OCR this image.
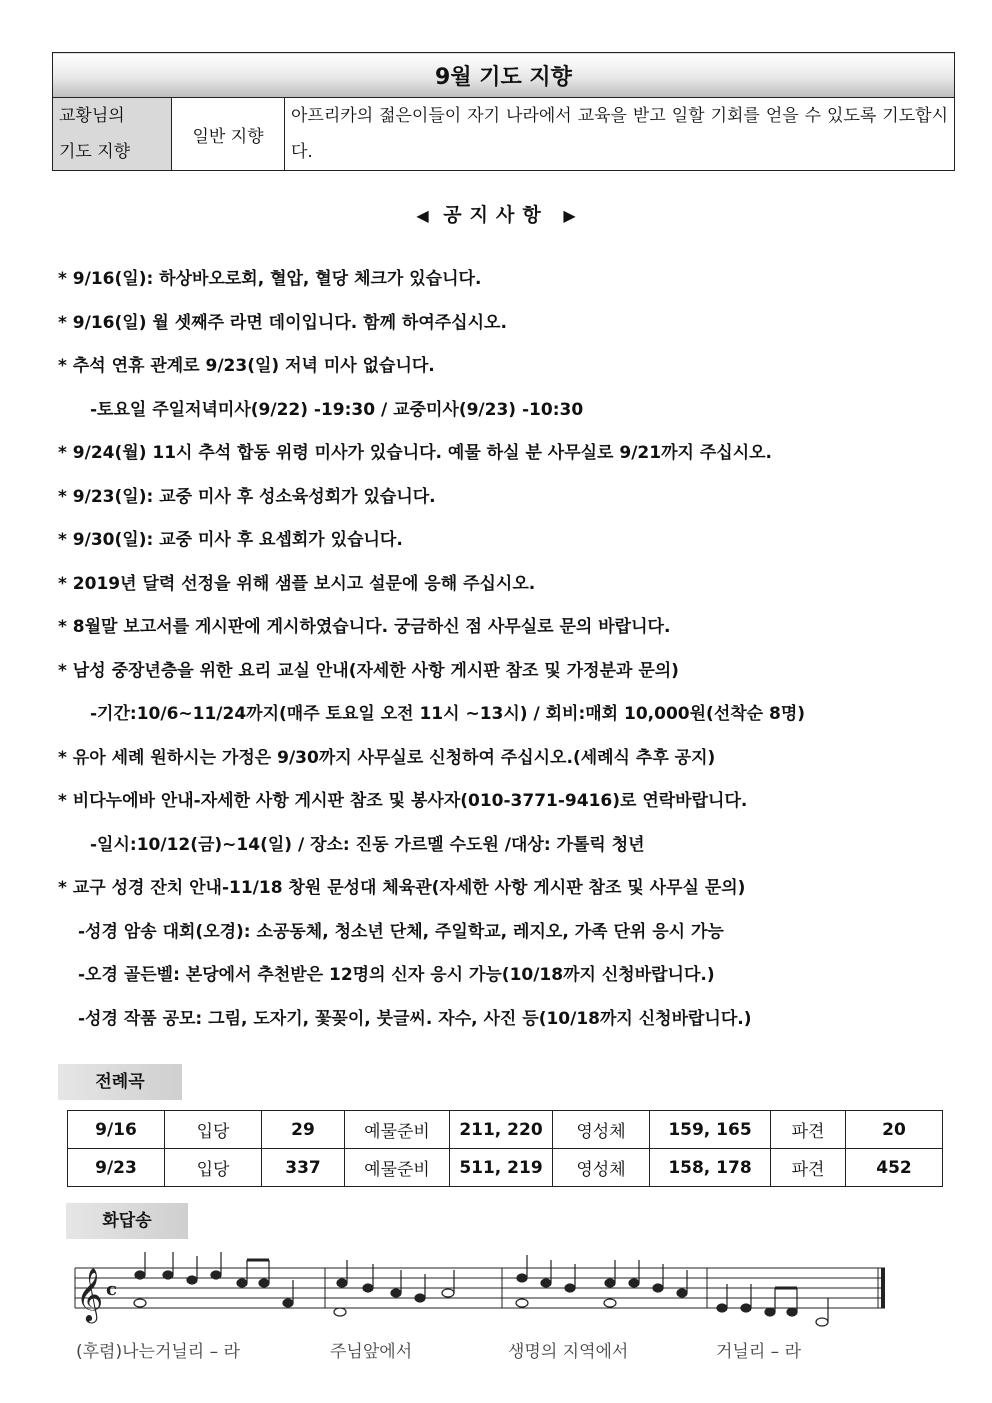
9월 기도 지향

교황님의
기도 지향
	일반 지향	아프리카의 젊은이들이 자기 나라에서 교육을 받고 일할 기회를 얻을 수 있도록 기도합시다.
◀ 공지사항 ▶
* 9/16(일): 하상바오로회, 혈압, 혈당 체크가 있습니다.
* 9/16(일) 월 셋째주 라면 데이입니다. 함께 하여주십시오.
* 추석 연휴 관계로 9/23(일) 저녁 미사 없습니다.
-토요일 주일저녁미사(9/22) -19:30 / 교중미사(9/23) -10:30
* 9/24(월) 11시 추석 합동 위령 미사가 있습니다. 예물 하실 분 사무실로 9/21까지 주십시오.
* 9/23(일): 교중 미사 후 성소육성회가 있습니다.
* 9/30(일): 교중 미사 후 요셉회가 있습니다.
* 2019년 달력 선정을 위해 샘플 보시고 설문에 응해 주십시오.
* 8월말 보고서를 게시판에 게시하였습니다. 궁금하신 점 사무실로 문의 바랍니다.
* 남성 중장년층을 위한 요리 교실 안내(자세한 사항 게시판 참조 및 가정분과 문의)
-기간:10/6~11/24까지(매주 토요일 오전 11시 ~13시) / 회비:매회 10,000원(선착순 8명)
* 유아 세례 원하시는 가정은 9/30까지 사무실로 신청하여 주십시오.(세례식 추후 공지)
* 비다누에바 안내-자세한 사항 게시판 참조 및 봉사자(010-3771-9416)로 연락바랍니다.
-일시:10/12(금)~14(일) / 장소: 진동 가르멜 수도원 /대상: 가톨릭 청년
* 교구 성경 잔치 안내-11/18 창원 문성대 체육관(자세한 사항 게시판 참조 및 사무실 문의)
-성경 암송 대회(오경): 소공동체, 청소년 단체, 주일학교, 레지오, 가족 단위 응시 가능
-오경 골든벨: 본당에서 추천받은 12명의 신자 응시 가능(10/18까지 신청바랍니다.)
-성경 작품 공모: 그림, 도자기, 꽃꽂이, 붓글씨. 자수, 사진 등(10/18까지 신청바랍니다.)
전례곡
9/16	입당	29	예물준비	211, 220	영성체	159, 165	파견	20
9/23	입당	337	예물준비	511, 219	영성체	158, 178	파견	452
화답송
𝄞 c
(후렴)나는거닐리 – 라	주님앞에서	생명의 지역에서	거닐리 – 라
